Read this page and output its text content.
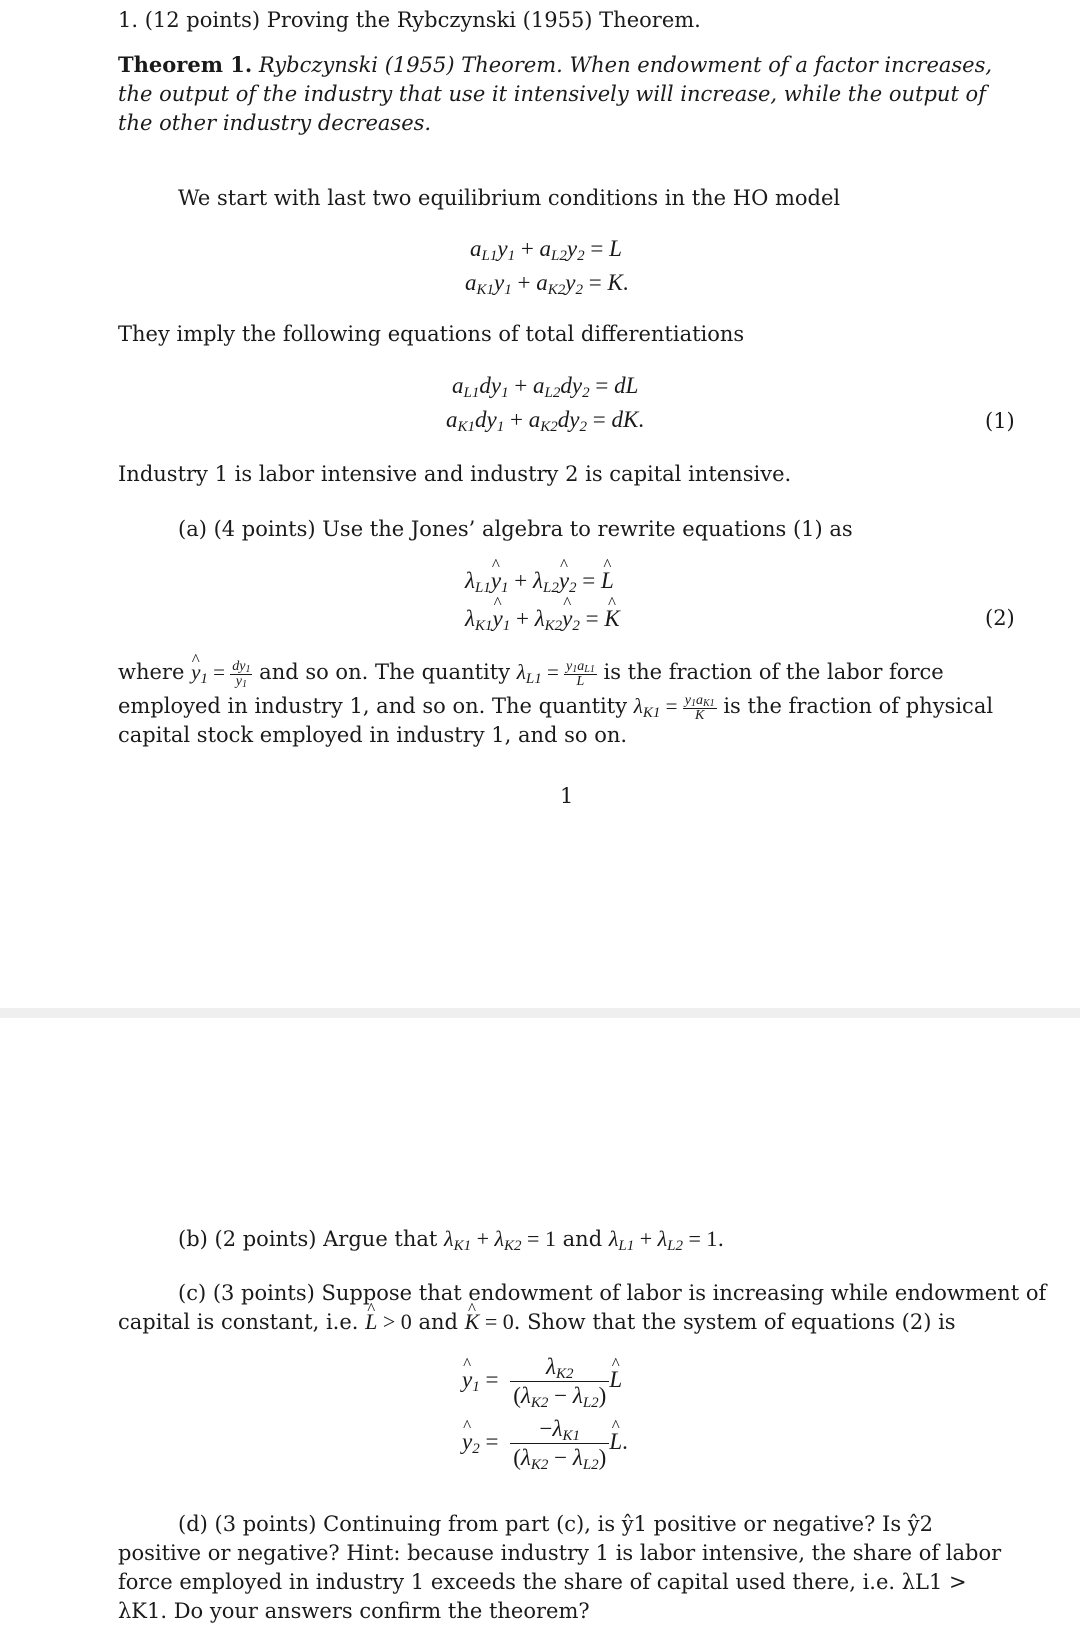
1. (12 points) Proving the Rybczynski (1955) Theorem.
Theorem 1. Rybczynski (1955) Theorem. When endowment of a factor increases, the output of the industry that use it intensively will increase, while the output of the other industry decreases.
We start with last two equilibrium conditions in the HO model
$a_{L1}y_1 + a_{L2}y_2 = L$
$a_{K1}y_1 + a_{K2}y_2 = K$.
They imply the following equations of total differentiations
$a_{L1}dy_1 + a_{L2}dy_2$ = dL
$a_{K1}dy_1 + a_{K2}dy_2$ = dK.	(1)
Industry 1 is labor intensive and industry 2 is capital intensive.
(a) (4 points) Use the Jones’ algebra to rewrite equations (1) as
$\lambda_{L1}\^{}$ $y_1$ + $\lambda_{L2}\^{}$ $y_2$ = ^ L
$\lambda_{K1}\^{}$ $y_1$ + $\lambda_{K2}\^{}$ $y_2$ = ^ K	(2)
where ^ $y_1 = \frac{dy_1}{y_1}$ and so on. The quantity $\lambda_{L1} = \frac{y_1a_{L1}}{L}$ is the fraction of the labor force
employed in industry 1, and so on. The quantity $\lambda_{K1} = \frac{y_1a_{K1}}{K}$ is the fraction of physical
capital stock employed in industry 1, and so on.
1
(b) (2 points) Argue that $\lambda_{K1} + \lambda_{K2} = 1$ and $\lambda_{L1} + \lambda_{L2} = 1$.
(c) (3 points) Suppose that endowment of labor is increasing while endowment of
capital is constant, i.e. ^ L > 0 and ^ K = 0. Show that the system of equations (2) is
^ $y_1 = \frac{\lambda_{K2}}{(\lambda_{K2} - \lambda_{L2})}$ ^ L
^ $y_2 = \frac{-\lambda_{K1}}{(\lambda_{K2} - \lambda_{L2})}$ ^ L.
(d) (3 points) Continuing from part (c), is ŷ1 positive or negative? Is ŷ2 positive or negative? Hint: because industry 1 is labor intensive, the share of labor force employed in industry 1 exceeds the share of capital used there, i.e. λL1 > λK1. Do your answers confirm the theorem?
